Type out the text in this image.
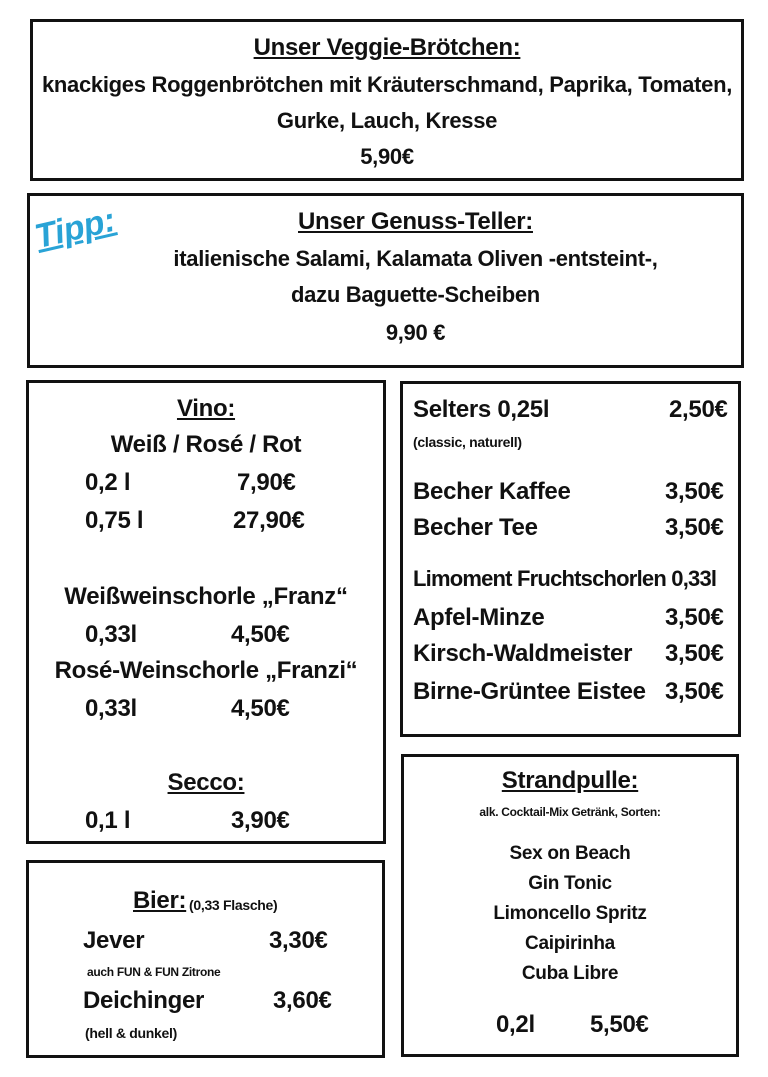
Unser Veggie-Brötchen:
knackiges Roggenbrötchen mit Kräuterschmand, Paprika, Tomaten,
Gurke, Lauch, Kresse
5,90€
Tipp:	Unser Genuss-Teller:
italienische Salami, Kalamata Oliven -entsteint-,
dazu Baguette-Scheiben
9,90 €
Vino:
Weiß / Rosé / Rot
0,2 l	7,90€
0,75 l	27,90€
Weißweinschorle „Franz“
0,33l	4,50€
Rosé-Weinschorle „Franzi“
0,33l	4,50€
Secco:
0,1 l	3,90€
Selters 0,25l	2,50€
(classic, naturell)
Becher Kaffee	3,50€
Becher Tee	3,50€
Limoment Fruchtschorlen 0,33l
Apfel-Minze	3,50€
Kirsch-Waldmeister 3,50€
Birne-Grüntee Eistee 3,50€
Bier: (0,33 Flasche)
Jever	3,30€
auch FUN & FUN Zitrone
Deichinger	3,60€
(hell & dunkel)
Strandpulle:
alk. Cocktail-Mix Getränk, Sorten:
Sex on Beach
Gin Tonic
Limoncello Spritz
Caipirinha
Cuba Libre
0,2l 5,50€
